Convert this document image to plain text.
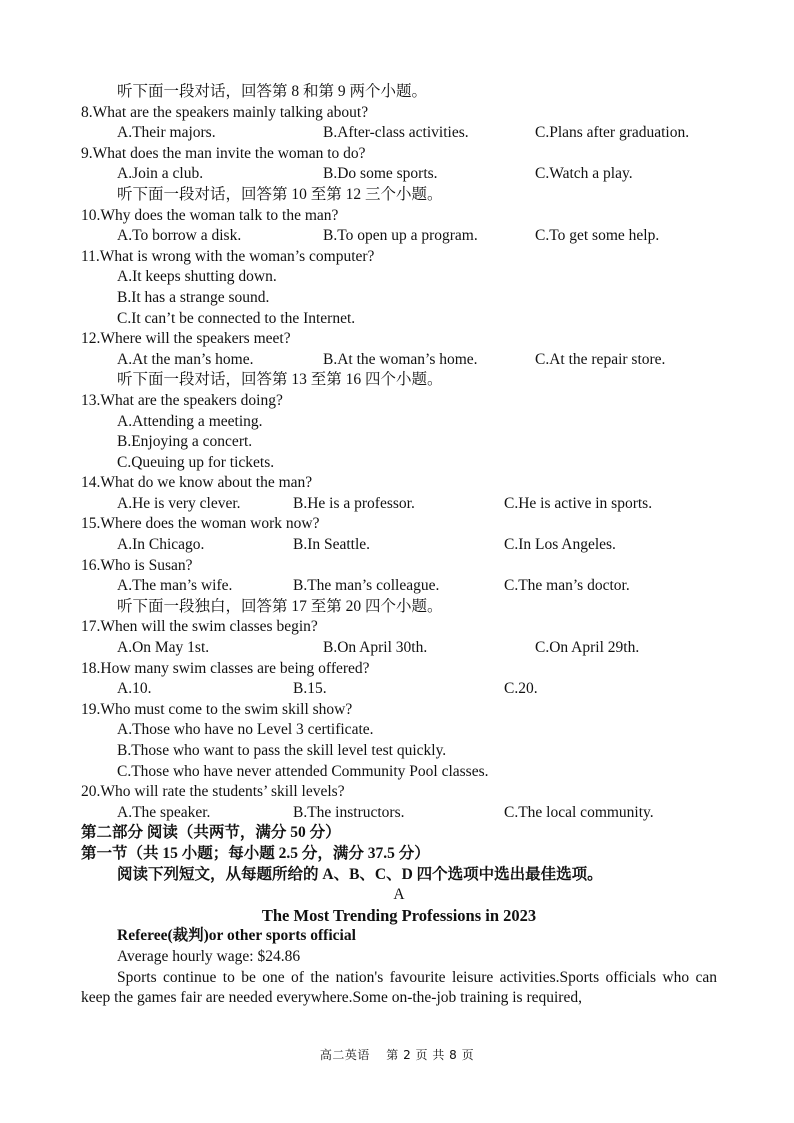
听下面一段对话，回答第 8 和第 9 两个小题。
8.What are the speakers mainly talking about?
A.Their majors.	B.After-class activities.	C.Plans after graduation.
9.What does the man invite the woman to do?
A.Join a club.	B.Do some sports.	C.Watch a play.
听下面一段对话，回答第 10 至第 12 三个小题。
10.Why does the woman talk to the man?
A.To borrow a disk.	B.To open up a program.	C.To get some help.
11.What is wrong with the woman’s computer?
A.It keeps shutting down.
B.It has a strange sound.
C.It can’t be connected to the Internet.
12.Where will the speakers meet?
A.At the man’s home.	B.At the woman’s home.	C.At the repair store.
听下面一段对话，回答第 13 至第 16 四个小题。
13.What are the speakers doing?
A.Attending a meeting.
B.Enjoying a concert.
C.Queuing up for tickets.
14.What do we know about the man?
A.He is very clever.	B.He is a professor.	C.He is active in sports.
15.Where does the woman work now?
A.In Chicago.	B.In Seattle.	C.In Los Angeles.
16.Who is Susan?
A.The man’s wife.	B.The man’s colleague.	C.The man’s doctor.
听下面一段独白，回答第 17 至第 20 四个小题。
17.When will the swim classes begin?
A.On May 1st.	B.On April 30th.	C.On April 29th.
18.How many swim classes are being offered?
A.10.	B.15.	C.20.
19.Who must come to the swim skill show?
A.Those who have no Level 3 certificate.
B.Those who want to pass the skill level test quickly.
C.Those who have never attended Community Pool classes.
20.Who will rate the students’ skill levels?
A.The speaker.	B.The instructors.	C.The local community.
第二部分 阅读（共两节，满分 50 分）
第一节（共 15 小题；每小题 2.5 分，满分 37.5 分）
阅读下列短文，从每题所给的 A、B、C、D 四个选项中选出最佳选项。
A
The Most Trending Professions in 2023
Referee(裁判)or other sports official
Average hourly wage: $24.86
Sports continue to be one of the nation's favourite leisure activities.Sports officials who can keep the games fair are needed everywhere.Some on-the-job training is required,
高二英语 第 2 页 共 8 页
